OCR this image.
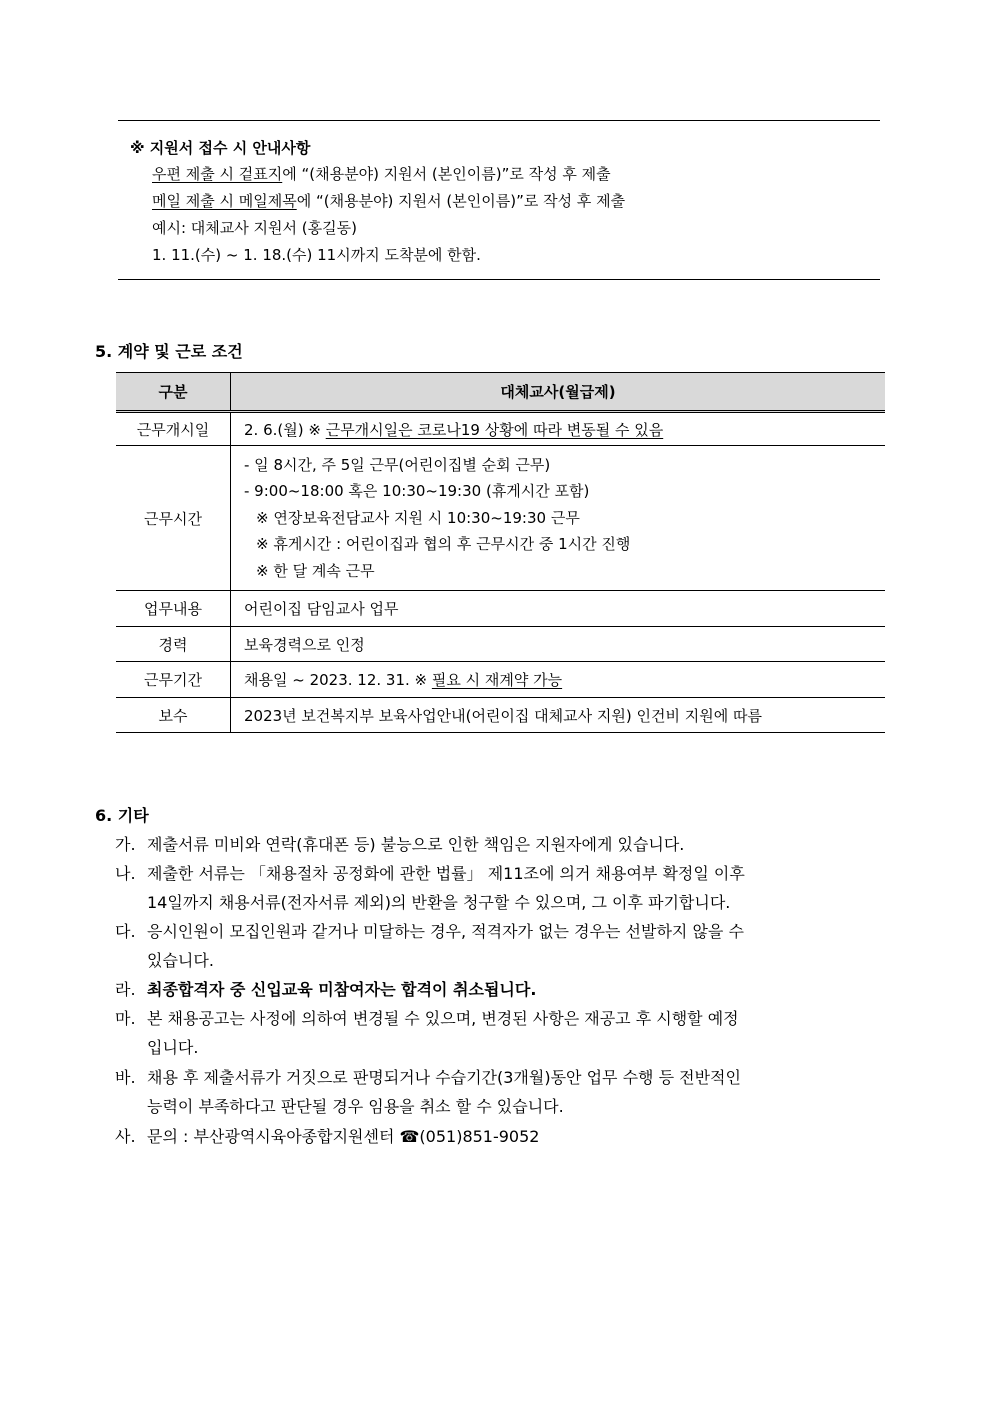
※ 지원서 접수 시 안내사항
우편 제출 시 겉표지에 “(채용분야) 지원서 (본인이름)”로 작성 후 제출
메일 제출 시 메일제목에 “(채용분야) 지원서 (본인이름)”로 작성 후 제출
예시: 대체교사 지원서 (홍길동)
1. 11.(수) ~ 1. 18.(수) 11시까지 도착분에 한함.
5. 계약 및 근로 조건
구분	대체교사(월급제)
근무개시일	2. 6.(월) ※ 근무개시일은 코로나19 상황에 따라 변동될 수 있음
근무시간	- 일 8시간, 주 5일 근무(어린이집별 순회 근무)
- 9:00~18:00 혹은 10:30~19:30 (휴게시간 포함)
※ 연장보육전담교사 지원 시 10:30~19:30 근무
※ 휴게시간 : 어린이집과 협의 후 근무시간 중 1시간 진행
※ 한 달 계속 근무

업무내용	어린이집 담임교사 업무
경력	보육경력으로 인정
근무기간	채용일 ~ 2023. 12. 31. ※ 필요 시 재계약 가능
보수	2023년 보건복지부 보육사업안내(어린이집 대체교사 지원) 인건비 지원에 따름
6. 기타
가. 제출서류 미비와 연락(휴대폰 등) 불능으로 인한 책임은 지원자에게 있습니다.
나. 제출한 서류는 「채용절차 공정화에 관한 법률」 제11조에 의거 채용여부 확정일 이후
14일까지 채용서류(전자서류 제외)의 반환을 청구할 수 있으며, 그 이후 파기합니다.
다. 응시인원이 모집인원과 같거나 미달하는 경우, 적격자가 없는 경우는 선발하지 않을 수
있습니다.
라. 최종합격자 중 신입교육 미참여자는 합격이 취소됩니다.
마. 본 채용공고는 사정에 의하여 변경될 수 있으며, 변경된 사항은 재공고 후 시행할 예정
입니다.
바. 채용 후 제출서류가 거짓으로 판명되거나 수습기간(3개월)동안 업무 수행 등 전반적인
능력이 부족하다고 판단될 경우 임용을 취소 할 수 있습니다.
사. 문의 : 부산광역시육아종합지원센터 ☎(051)851-9052
